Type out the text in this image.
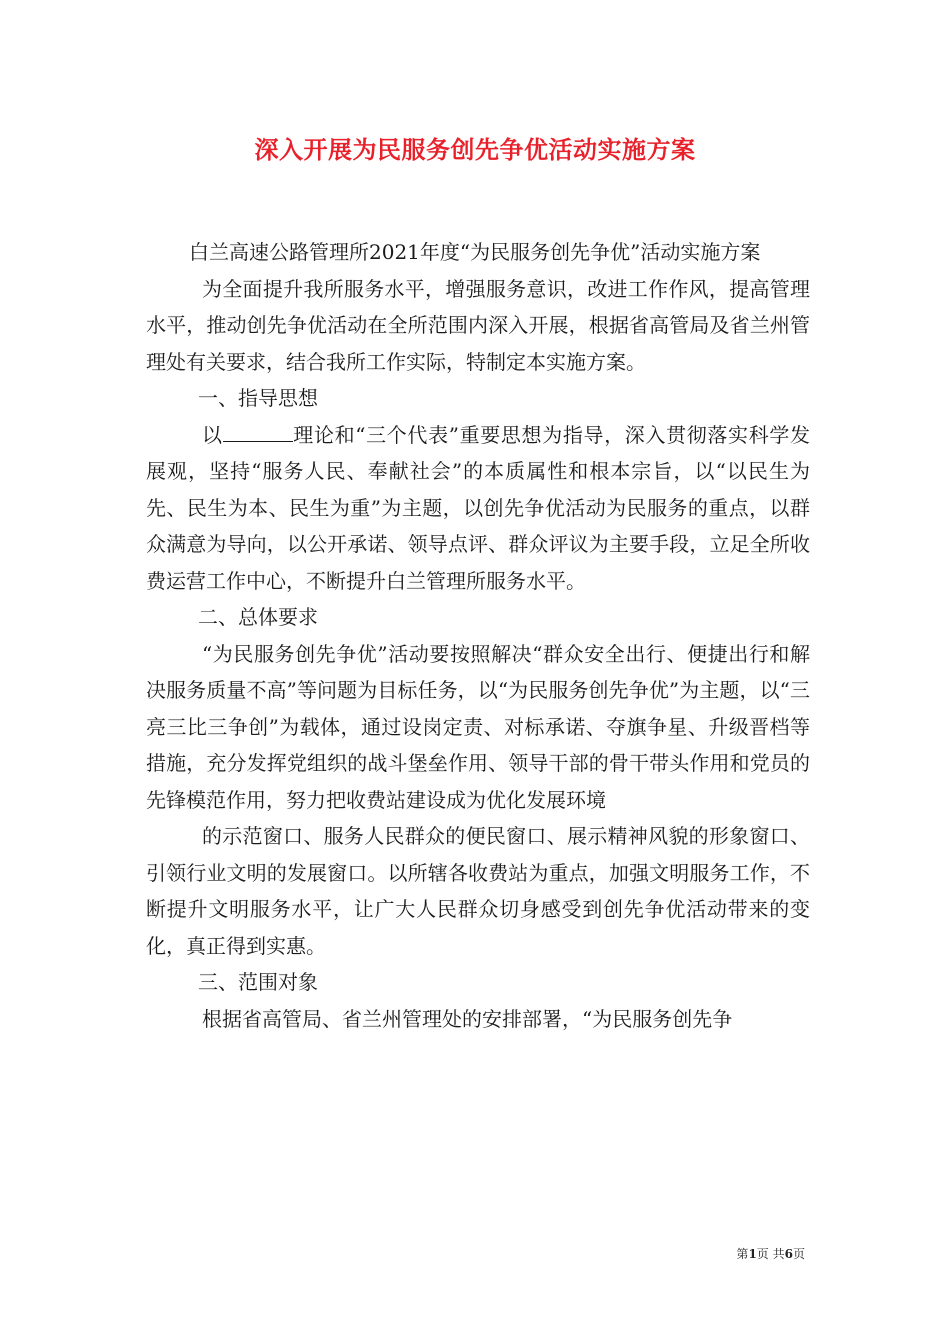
深入开展为民服务创先争优活动实施方案

白兰高速公路管理所2021年度“为民服务创先争优”活动实施方案

为全面提升我所服务水平，增强服务意识，改进工作作风，提高管理水平，推动创先争优活动在全所范围内深入开展，根据省高管局及省兰州管理处有关要求，结合我所工作实际，特制定本实施方案。

一、指导思想

以	理论和“三个代表”重要思想为指导，深入贯彻落实科学发展观，坚持“服务人民、奉献社会”的本质属性和根本宗旨，以“以民生为先、民生为本、民生为重”为主题，以创先争优活动为民服务的重点，以群众满意为导向，以公开承诺、领导点评、群众评议为主要手段，立足全所收费运营工作中心，不断提升白兰管理所服务水平。

二、总体要求

“为民服务创先争优”活动要按照解决“群众安全出行、便捷出行和解决服务质量不高”等问题为目标任务，以“为民服务创先争优”为主题，以“三亮三比三争创”为载体，通过设岗定责、对标承诺、夺旗争星、升级晋档等措施，充分发挥党组织的战斗堡垒作用、领导干部的骨干带头作用和党员的先锋模范作用，努力把收费站建设成为优化发展环境

的示范窗口、服务人民群众的便民窗口、展示精神风貌的形象窗口、引领行业文明的发展窗口。以所辖各收费站为重点，加强文明服务工作，不断提升文明服务水平，让广大人民群众切身感受到创先争优活动带来的变化，真正得到实惠。

三、范围对象

根据省高管局、省兰州管理处的安排部署，“为民服务创先争

第1页 共6页
